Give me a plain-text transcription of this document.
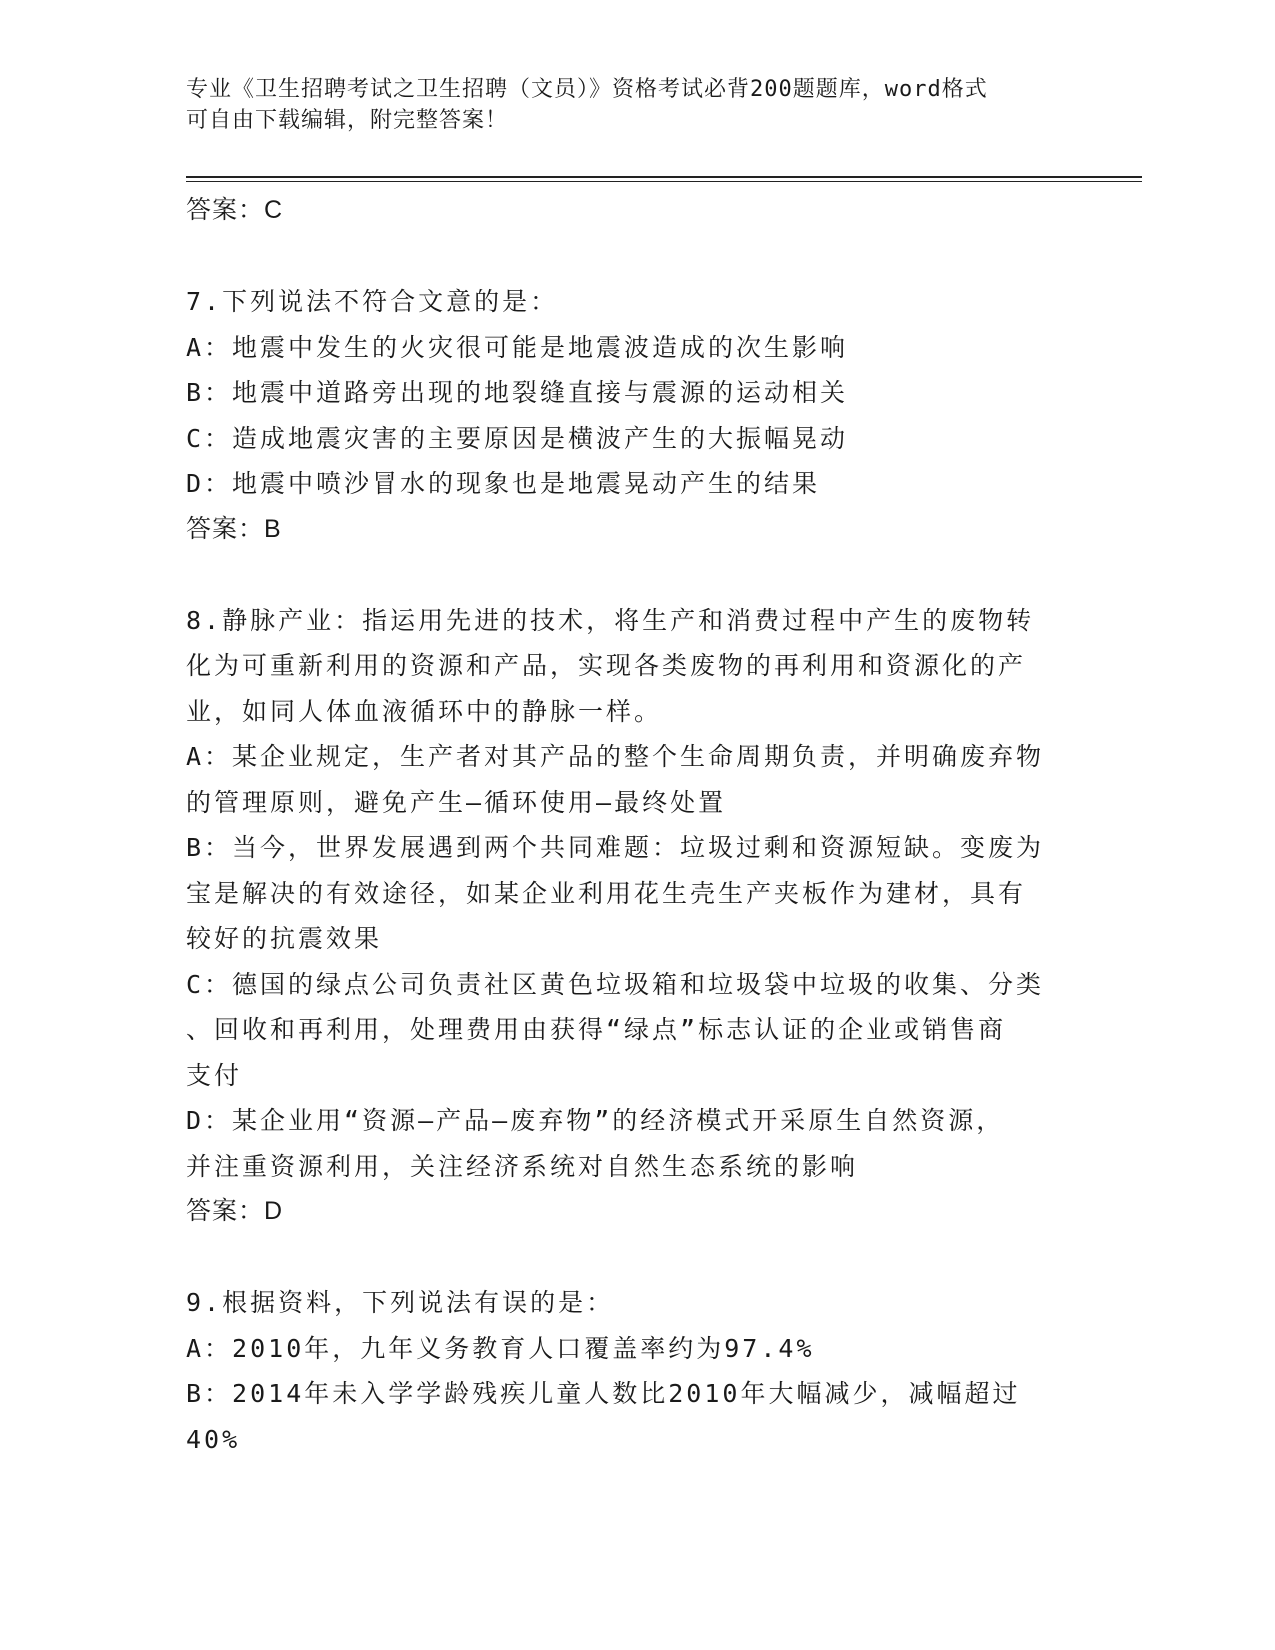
专业《卫生招聘考试之卫生招聘（文员）》资格考试必背200题题库，word格式
可自由下载编辑，附完整答案！
答案：C
7.下列说法不符合文意的是：
A：地震中发生的火灾很可能是地震波造成的次生影响
B：地震中道路旁出现的地裂缝直接与震源的运动相关
C：造成地震灾害的主要原因是横波产生的大振幅晃动
D：地震中喷沙冒水的现象也是地震晃动产生的结果
答案：B
8.静脉产业：指运用先进的技术，将生产和消费过程中产生的废物转
化为可重新利用的资源和产品，实现各类废物的再利用和资源化的产
业，如同人体血液循环中的静脉一样。
A：某企业规定，生产者对其产品的整个生命周期负责，并明确废弃物
的管理原则，避免产生—循环使用—最终处置
B：当今，世界发展遇到两个共同难题：垃圾过剩和资源短缺。变废为
宝是解决的有效途径，如某企业利用花生壳生产夹板作为建材，具有
较好的抗震效果
C：德国的绿点公司负责社区黄色垃圾箱和垃圾袋中垃圾的收集、分类
、回收和再利用，处理费用由获得“绿点”标志认证的企业或销售商
支付
D：某企业用“资源—产品—废弃物”的经济模式开采原生自然资源，
并注重资源利用，关注经济系统对自然生态系统的影响
答案：D
9.根据资料，下列说法有误的是：
A：2010年，九年义务教育人口覆盖率约为97.4%
B：2014年未入学学龄残疾儿童人数比2010年大幅减少，减幅超过
40%
